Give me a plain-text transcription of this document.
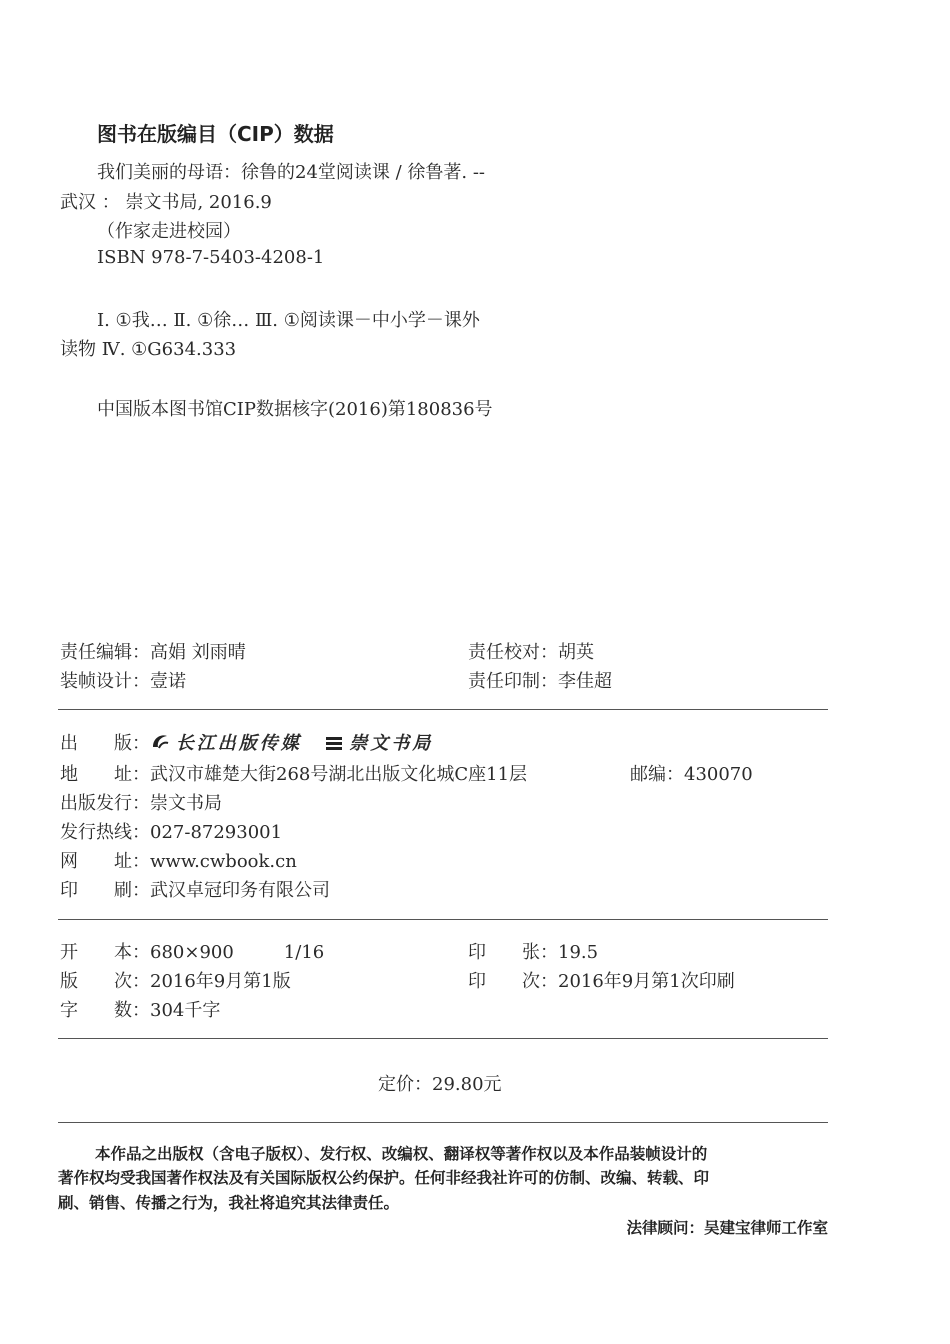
图书在版编目（CIP）数据
我们美丽的母语：徐鲁的24堂阅读课 / 徐鲁著. --
武汉 ： 崇文书局, 2016.9
（作家走进校园）
ISBN 978-7-5403-4208-1
Ⅰ. ①我… Ⅱ. ①徐… Ⅲ. ①阅读课－中小学－课外
读物 Ⅳ. ①G634.333
中国版本图书馆CIP数据核字(2016)第180836号
责任编辑：高娟 刘雨晴	责任校对：胡英
装帧设计：壹诺	责任印制：李佳超
出　　版： 长江出版传媒	崇文书局
地　　址：武汉市雄楚大街268号湖北出版文化城C座11层	邮编：430070
出版发行：崇文书局
发行热线：027-87293001
网　　址：www.cwbook.cn
印　　刷：武汉卓冠印务有限公司
开　　本：680×900	1/16	印　　张：19.5
版　　次：2016年9月第1版	印　　次：2016年9月第1次印刷
字　　数：304千字
定价：29.80元
本作品之出版权（含电子版权）、发行权、改编权、翻译权等著作权以及本作品装帧设计的
著作权均受我国著作权法及有关国际版权公约保护。任何非经我社许可的仿制、改编、转载、印
刷、销售、传播之行为，我社将追究其法律责任。
法律顾问：吴建宝律师工作室
